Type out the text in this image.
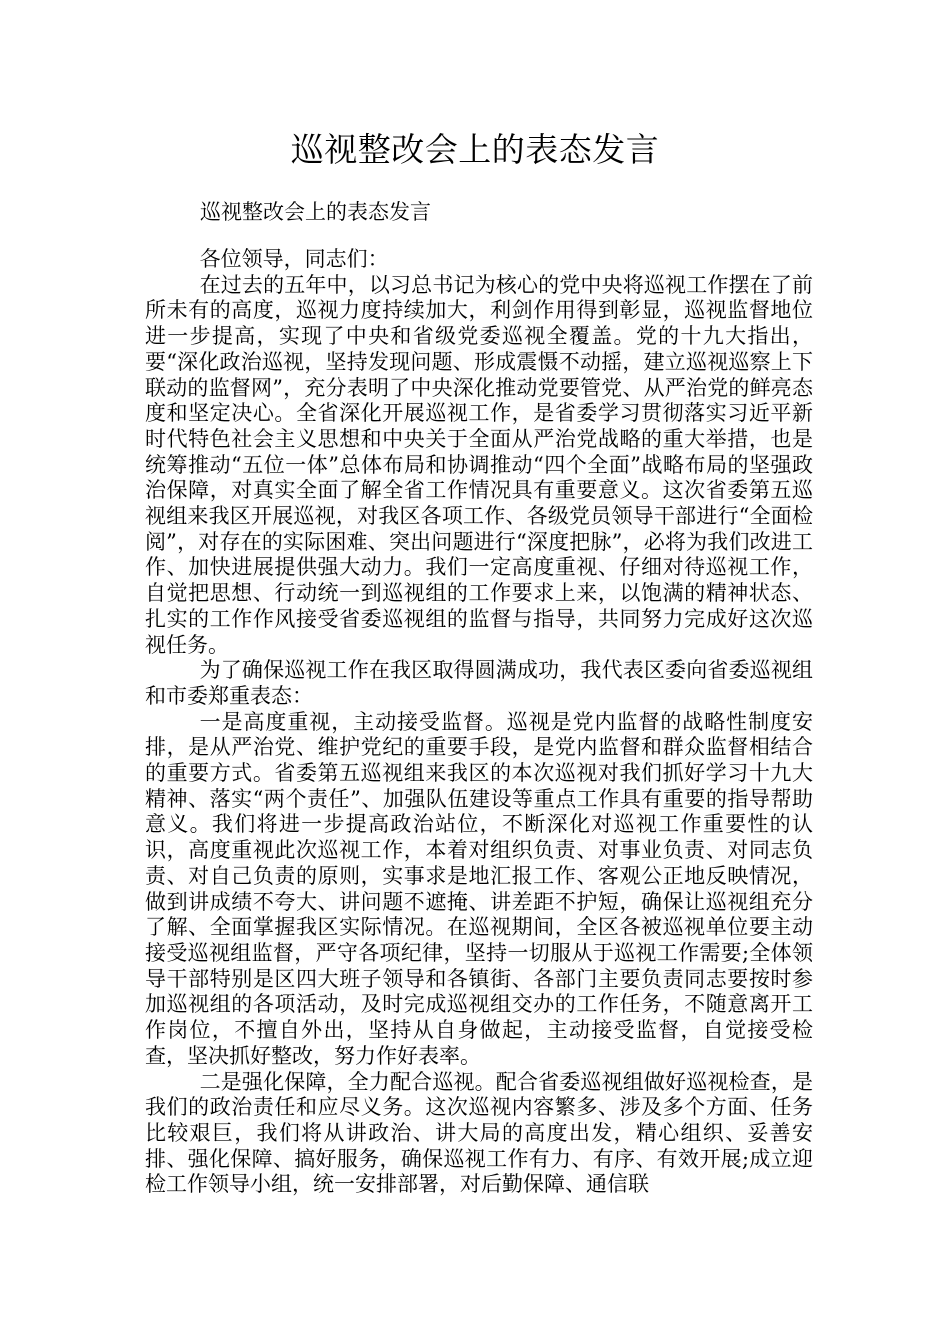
巡视整改会上的表态发言
巡视整改会上的表态发言

各位领导，同志们：

在过去的五年中，以习总书记为核心的党中央将巡视工作摆在了前所未有的高度，巡视力度持续加大，利剑作用得到彰显，巡视监督地位进一步提高，实现了中央和省级党委巡视全覆盖。党的十九大指出，要“深化政治巡视，坚持发现问题、形成震慑不动摇，建立巡视巡察上下联动的监督网”，充分表明了中央深化推动党要管党、从严治党的鲜亮态度和坚定决心。全省深化开展巡视工作，是省委学习贯彻落实习近平新时代特色社会主义思想和中央关于全面从严治党战略的重大举措，也是统筹推动“五位一体”总体布局和协调推动“四个全面”战略布局的坚强政治保障，对真实全面了解全省工作情况具有重要意义。这次省委第五巡视组来我区开展巡视，对我区各项工作、各级党员领导干部进行“全面检阅”，对存在的实际困难、突出问题进行“深度把脉”，必将为我们改进工作、加快进展提供强大动力。我们一定高度重视、仔细对待巡视工作，自觉把思想、行动统一到巡视组的工作要求上来，以饱满的精神状态、扎实的工作作风接受省委巡视组的监督与指导，共同努力完成好这次巡视任务。

为了确保巡视工作在我区取得圆满成功，我代表区委向省委巡视组和市委郑重表态：

一是高度重视，主动接受监督。巡视是党内监督的战略性制度安排，是从严治党、维护党纪的重要手段，是党内监督和群众监督相结合的重要方式。省委第五巡视组来我区的本次巡视对我们抓好学习十九大精神、落实“两个责任”、加强队伍建设等重点工作具有重要的指导帮助意义。我们将进一步提高政治站位，不断深化对巡视工作重要性的认识，高度重视此次巡视工作，本着对组织负责、对事业负责、对同志负责、对自己负责的原则，实事求是地汇报工作、客观公正地反映情况，做到讲成绩不夸大、讲问题不遮掩、讲差距不护短，确保让巡视组充分了解、全面掌握我区实际情况。在巡视期间，全区各被巡视单位要主动接受巡视组监督，严守各项纪律，坚持一切服从于巡视工作需要;全体领导干部特别是区四大班子领导和各镇街、各部门主要负责同志要按时参加巡视组的各项活动，及时完成巡视组交办的工作任务，不随意离开工作岗位，不擅自外出，坚持从自身做起，主动接受监督，自觉接受检查，坚决抓好整改，努力作好表率。

二是强化保障，全力配合巡视。配合省委巡视组做好巡视检查，是我们的政治责任和应尽义务。这次巡视内容繁多、涉及多个方面、任务比较艰巨，我们将从讲政治、讲大局的高度出发，精心组织、妥善安排、强化保障、搞好服务，确保巡视工作有力、有序、有效开展;成立迎检工作领导小组，统一安排部署，对后勤保障、通信联
